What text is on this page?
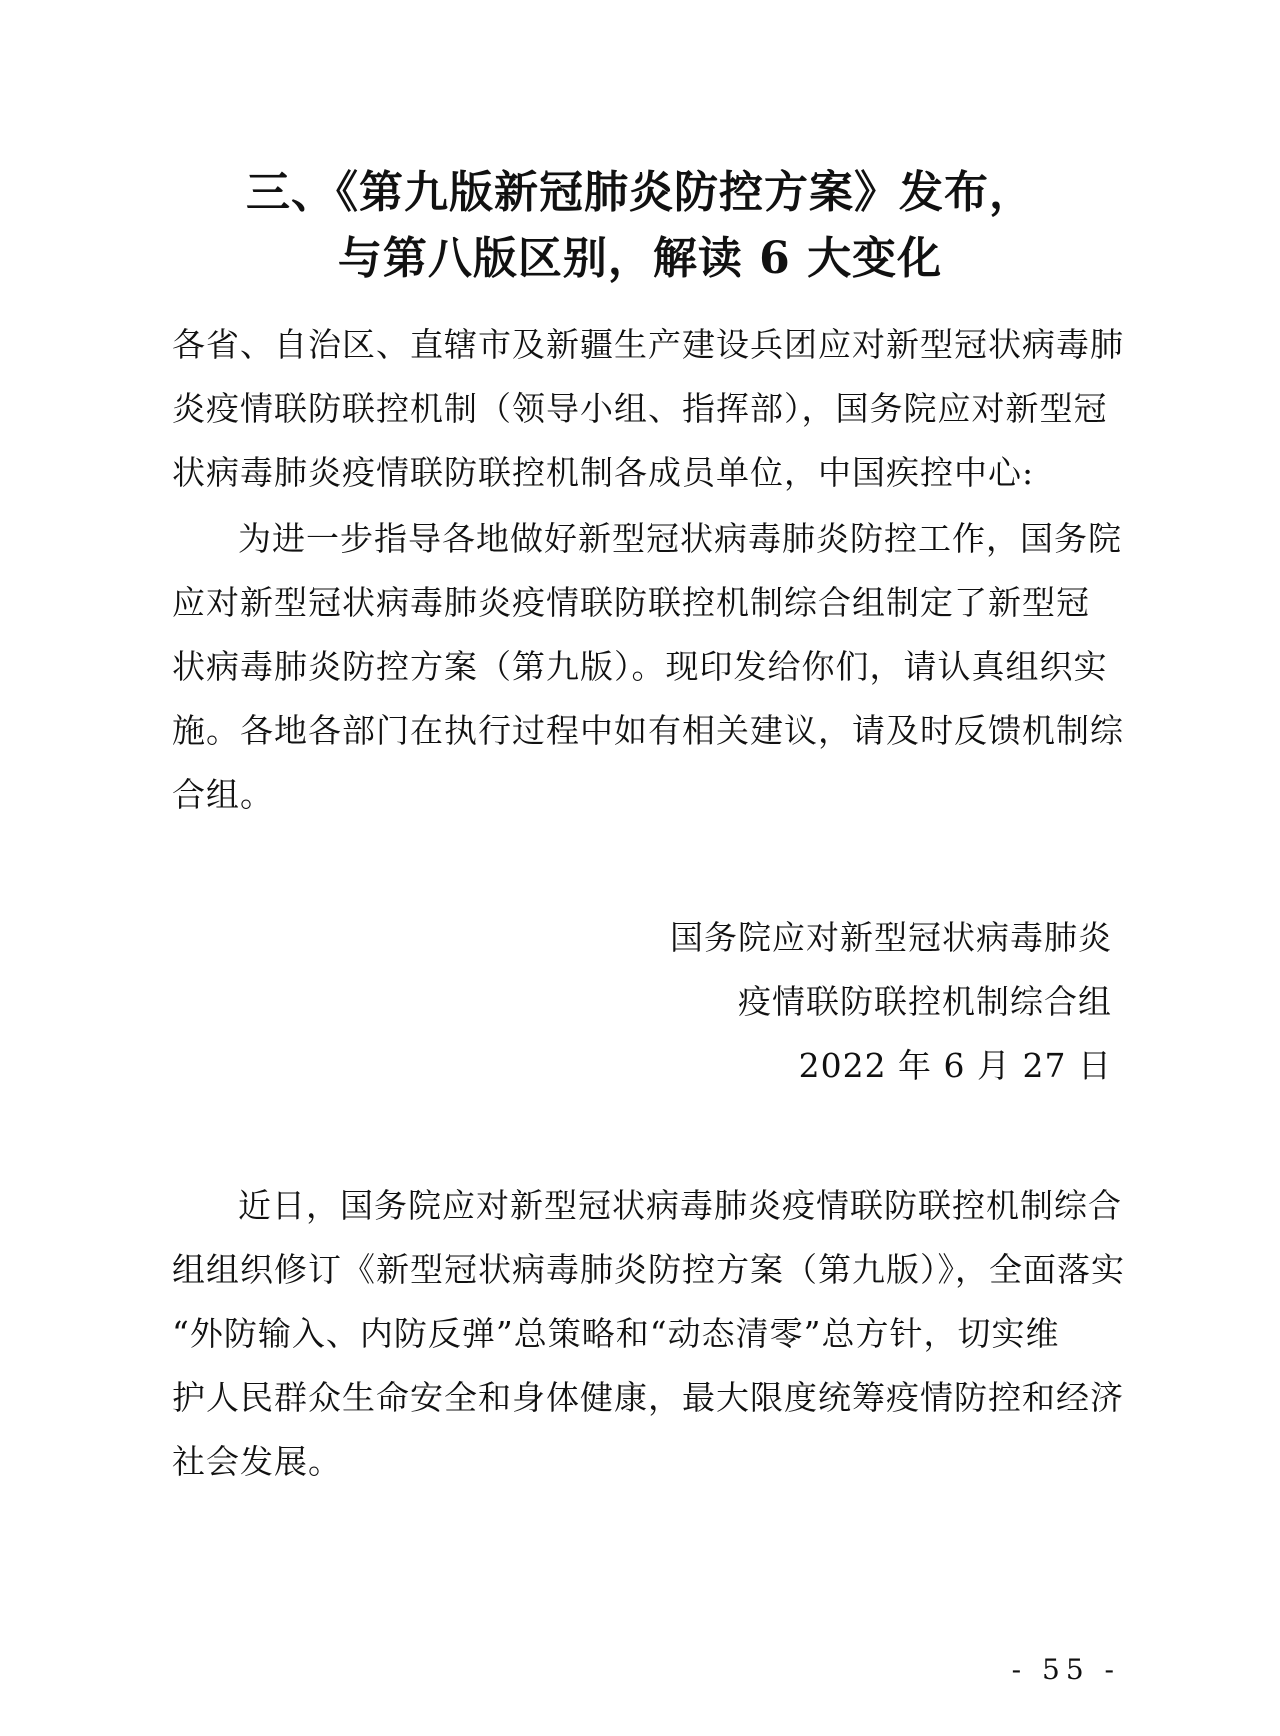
三、《第九版新冠肺炎防控方案》发布，
与第八版区别，解读 6 大变化
各省、自治区、直辖市及新疆生产建设兵团应对新型冠状病毒肺
炎疫情联防联控机制（领导小组、指挥部），国务院应对新型冠
状病毒肺炎疫情联防联控机制各成员单位，中国疾控中心:
为进一步指导各地做好新型冠状病毒肺炎防控工作，国务院
应对新型冠状病毒肺炎疫情联防联控机制综合组制定了新型冠
状病毒肺炎防控方案（第九版）。现印发给你们，请认真组织实
施。各地各部门在执行过程中如有相关建议，请及时反馈机制综
合组。
国务院应对新型冠状病毒肺炎
疫情联防联控机制综合组
2022 年 6 月 27 日
近日，国务院应对新型冠状病毒肺炎疫情联防联控机制综合
组组织修订《新型冠状病毒肺炎防控方案（第九版）》，全面落实
“外防输入、内防反弹”总策略和“动态清零”总方针，切实维
护人民群众生命安全和身体健康，最大限度统筹疫情防控和经济
社会发展。
- 55 -
